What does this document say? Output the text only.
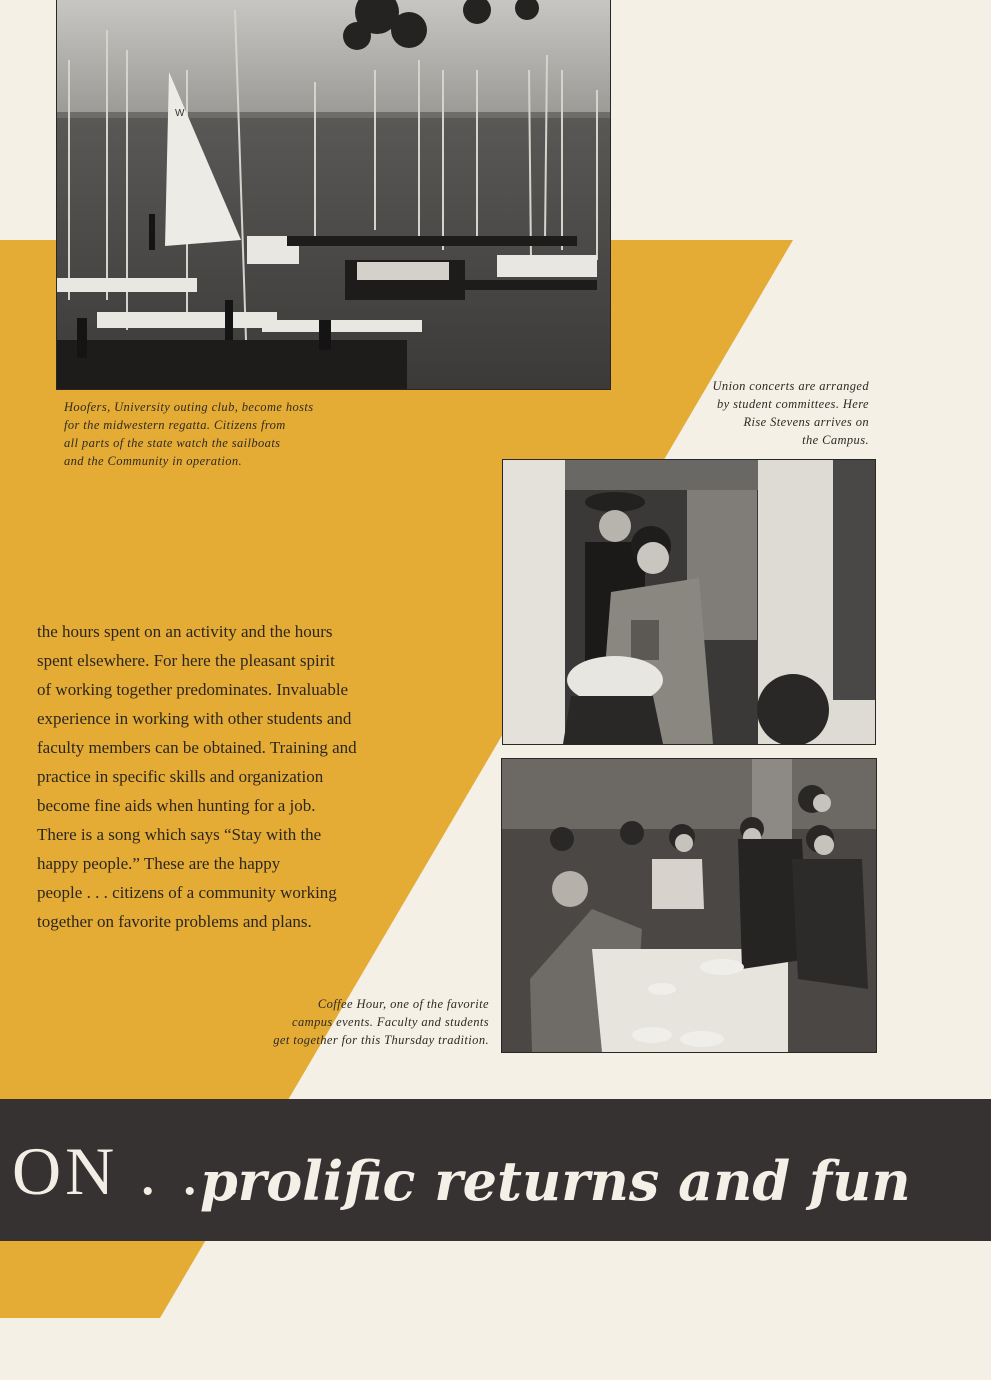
W

Hoofers, University outing club, become hosts
for the midwestern regatta. Citizens from
all parts of the state watch the sailboats
and the Community in operation.

Union concerts are arranged
by student committees. Here
Rise Stevens arrives on
the Campus.

the hours spent on an activity and the hours
spent elsewhere. For here the pleasant spirit
of working together predominates. Invaluable
experience in working with other students and
faculty members can be obtained. Training and
practice in specific skills and organization
become fine aids when hunting for a job.
There is a song which says “Stay with the
happy people.” These are the happy
people . . . citizens of a community working
together on favorite problems and plans.

Coffee Hour, one of the favorite
campus events. Faculty and students
get together for this Thursday tradition.

ON . . .
prolific returns and fun
